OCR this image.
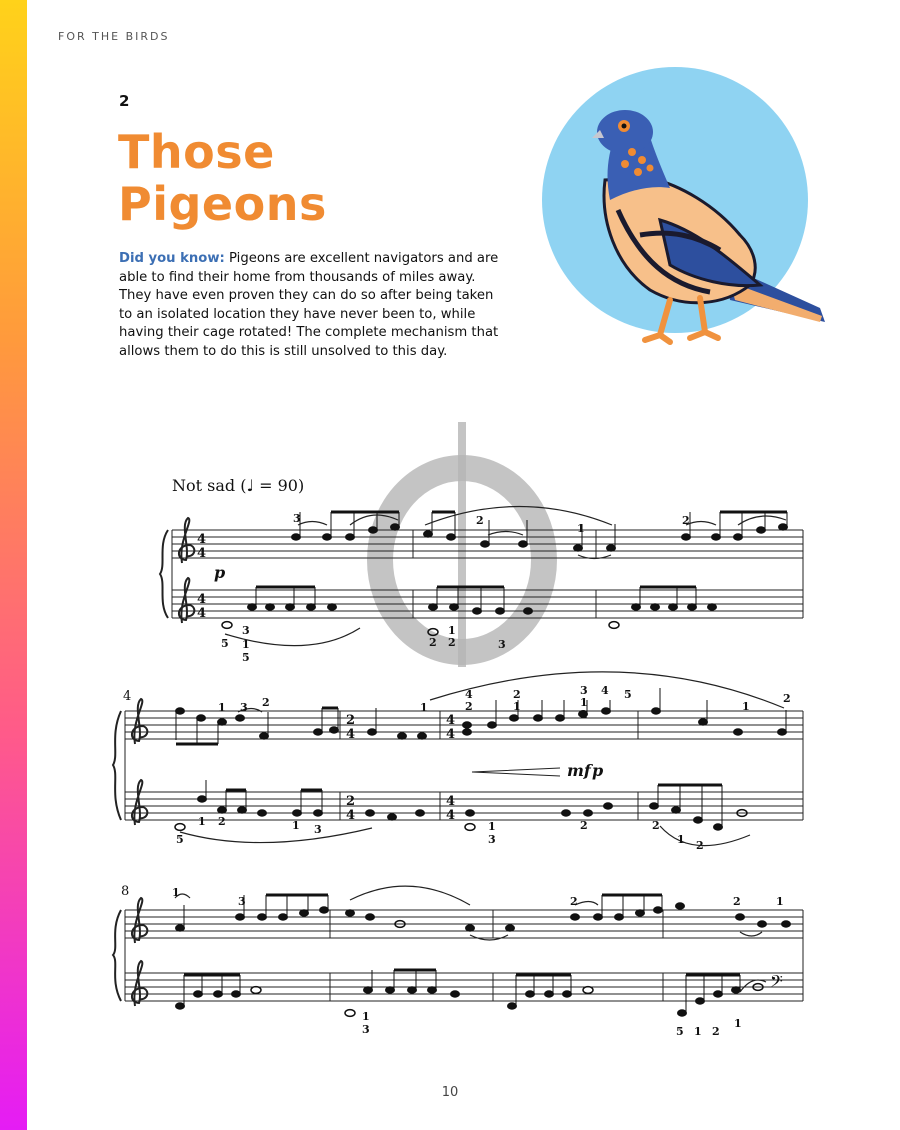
FOR THE BIRDS
2
Those
Pigeons
Did you know: Pigeons are excellent navigators and are able to find their home from thousands of miles away. They have even proven they can do so after being taken to an isolated location they have never been to, while having their cage rotated! The complete mechanism that allows them to do this is still unsolved to this day.
Not sad (♩ = 90)
4
4
4
4
2
4
2
4
4
4
4
4
4
8
p
mf p
𝄢
3	2
1
5
2
3
1
5
2
1
3
2
1 3 2	1
4
2
2
1
3
1
2
4 5
1
2
5
1 2	1 3	1
3
2	2
1 2
1
3
1
3
2	2	1
5 1 2
1
10
